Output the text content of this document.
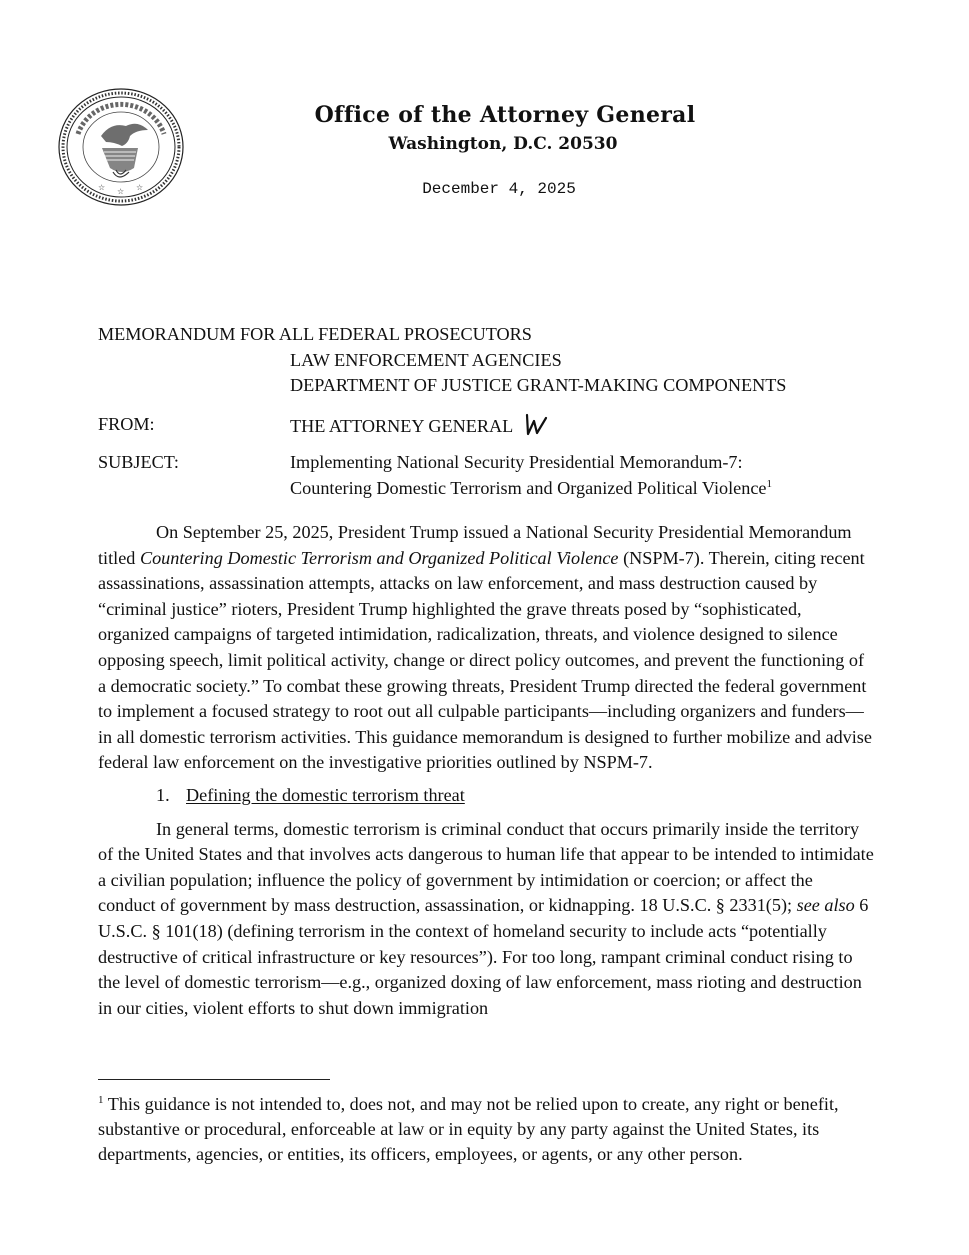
☆ ☆ ☆
Office of the Attorney General
Washington, D.C. 20530
December 4, 2025
MEMORANDUM FOR ALL FEDERAL PROSECUTORS
LAW ENFORCEMENT AGENCIES
DEPARTMENT OF JUSTICE GRANT-MAKING COMPONENTS
FROM:	THE ATTORNEY GENERAL
SUBJECT:	Implementing National Security Presidential Memorandum-7:
Countering Domestic Terrorism and Organized Political Violence$^1$

On September 25, 2025, President Trump issued a National Security Presidential Memorandum titled Countering Domestic Terrorism and Organized Political Violence (NSPM-7). Therein, citing recent assassinations, assassination attempts, attacks on law enforcement, and mass destruction caused by “criminal justice” rioters, President Trump highlighted the grave threats posed by “sophisticated, organized campaigns of targeted intimidation, radicalization, threats, and violence designed to silence opposing speech, limit political activity, change or direct policy outcomes, and prevent the functioning of a democratic society.” To combat these growing threats, President Trump directed the federal government to implement a focused strategy to root out all culpable participants—including organizers and funders—in all domestic terrorism activities. This guidance memorandum is designed to further mobilize and advise federal law enforcement on the investigative priorities outlined by NSPM-7.

1. Defining the domestic terrorism threat

In general terms, domestic terrorism is criminal conduct that occurs primarily inside the territory of the United States and that involves acts dangerous to human life that appear to be intended to intimidate a civilian population; influence the policy of government by intimidation or coercion; or affect the conduct of government by mass destruction, assassination, or kidnapping. 18 U.S.C. § 2331(5); see also 6 U.S.C. § 101(18) (defining terrorism in the context of homeland security to include acts “potentially destructive of critical infrastructure or key resources”). For too long, rampant criminal conduct rising to the level of domestic terrorism—e.g., organized doxing of law enforcement, mass rioting and destruction in our cities, violent efforts to shut down immigration

$^1$ This guidance is not intended to, does not, and may not be relied upon to create, any right or benefit, substantive or procedural, enforceable at law or in equity by any party against the United States, its departments, agencies, or entities, its officers, employees, or agents, or any other person.
